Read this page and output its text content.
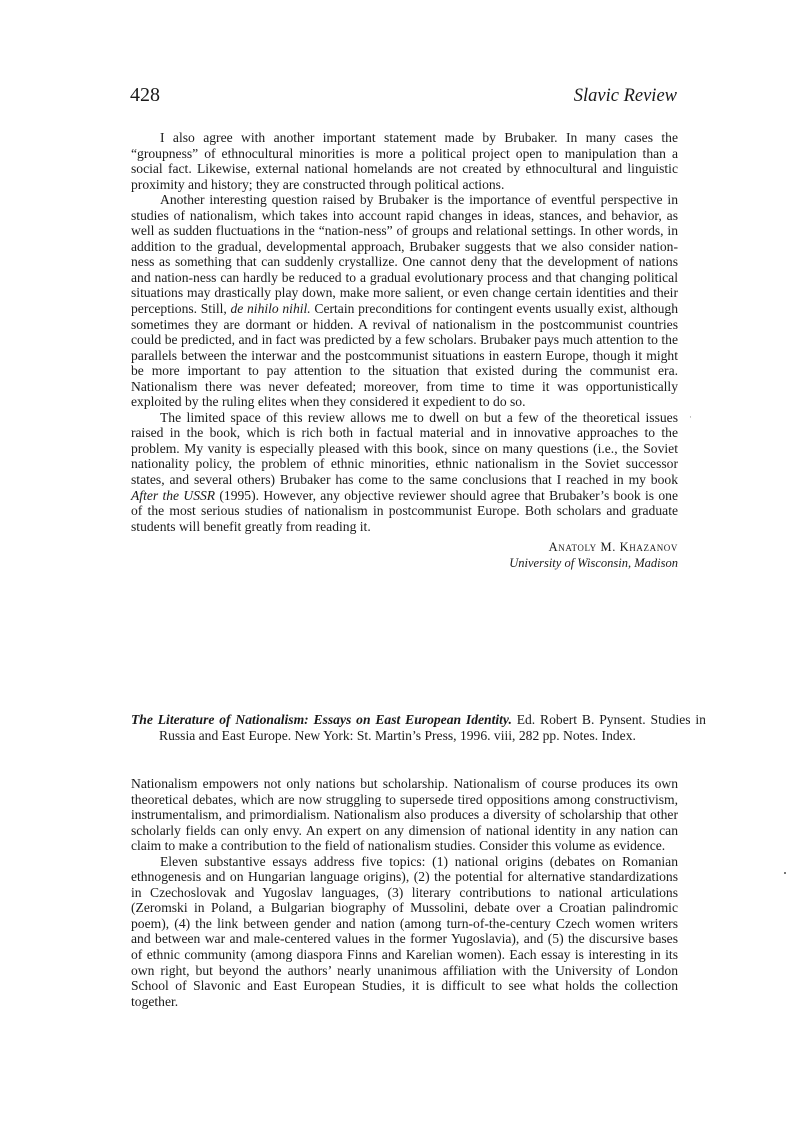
428	Slavic Review

I also agree with another important statement made by Brubaker. In many cases the “groupness” of ethnocultural minorities is more a political project open to manipulation than a social fact. Likewise, external national homelands are not created by ethnocultural and linguistic proximity and history; they are constructed through political actions.

Another interesting question raised by Brubaker is the importance of eventful perspective in studies of nationalism, which takes into account rapid changes in ideas, stances, and behavior, as well as sudden fluctuations in the “nation-ness” of groups and relational settings. In other words, in addition to the gradual, developmental approach, Brubaker suggests that we also consider nation-ness as something that can suddenly crystallize. One cannot deny that the development of nations and nation-ness can hardly be reduced to a gradual evolutionary process and that changing political situations may drastically play down, make more salient, or even change certain identities and their perceptions. Still, de nihilo nihil. Certain preconditions for contingent events usually exist, although sometimes they are dormant or hidden. A revival of nationalism in the postcommunist countries could be predicted, and in fact was predicted by a few scholars. Brubaker pays much attention to the parallels between the interwar and the postcommunist situations in eastern Europe, though it might be more important to pay attention to the situation that existed during the communist era. Nationalism there was never defeated; moreover, from time to time it was opportunistically exploited by the ruling elites when they considered it expedient to do so.

The limited space of this review allows me to dwell on but a few of the theoretical issues raised in the book, which is rich both in factual material and in innovative approaches to the problem. My vanity is especially pleased with this book, since on many questions (i.e., the Soviet nationality policy, the problem of ethnic minorities, ethnic nationalism in the Soviet successor states, and several others) Brubaker has come to the same conclusions that I reached in my book After the USSR (1995). However, any objective reviewer should agree that Brubaker’s book is one of the most serious studies of nationalism in postcommunist Europe. Both scholars and graduate students will benefit greatly from reading it.

Anatoly M. Khazanov
University of Wisconsin, Madison
The Literature of Nationalism: Essays on East European Identity. Ed. Robert B. Pynsent. Studies in Russia and East Europe. New York: St. Martin’s Press, 1996. viii, 282 pp. Notes. Index.

Nationalism empowers not only nations but scholarship. Nationalism of course produces its own theoretical debates, which are now struggling to supersede tired oppositions among constructivism, instrumentalism, and primordialism. Nationalism also produces a diversity of scholarship that other scholarly fields can only envy. An expert on any dimension of national identity in any nation can claim to make a contribution to the field of nationalism studies. Consider this volume as evidence.

Eleven substantive essays address five topics: (1) national origins (debates on Romanian ethnogenesis and on Hungarian language origins), (2) the potential for alternative standardizations in Czechoslovak and Yugoslav languages, (3) literary contributions to national articulations (Zeromski in Poland, a Bulgarian biography of Mussolini, debate over a Croatian palindromic poem), (4) the link between gender and nation (among turn-of-the-century Czech women writers and between war and male-centered values in the former Yugoslavia), and (5) the discursive bases of ethnic community (among diaspora Finns and Karelian women). Each essay is interesting in its own right, but beyond the authors’ nearly unanimous affiliation with the University of London School of Slavonic and East European Studies, it is difficult to see what holds the collection together.

·
